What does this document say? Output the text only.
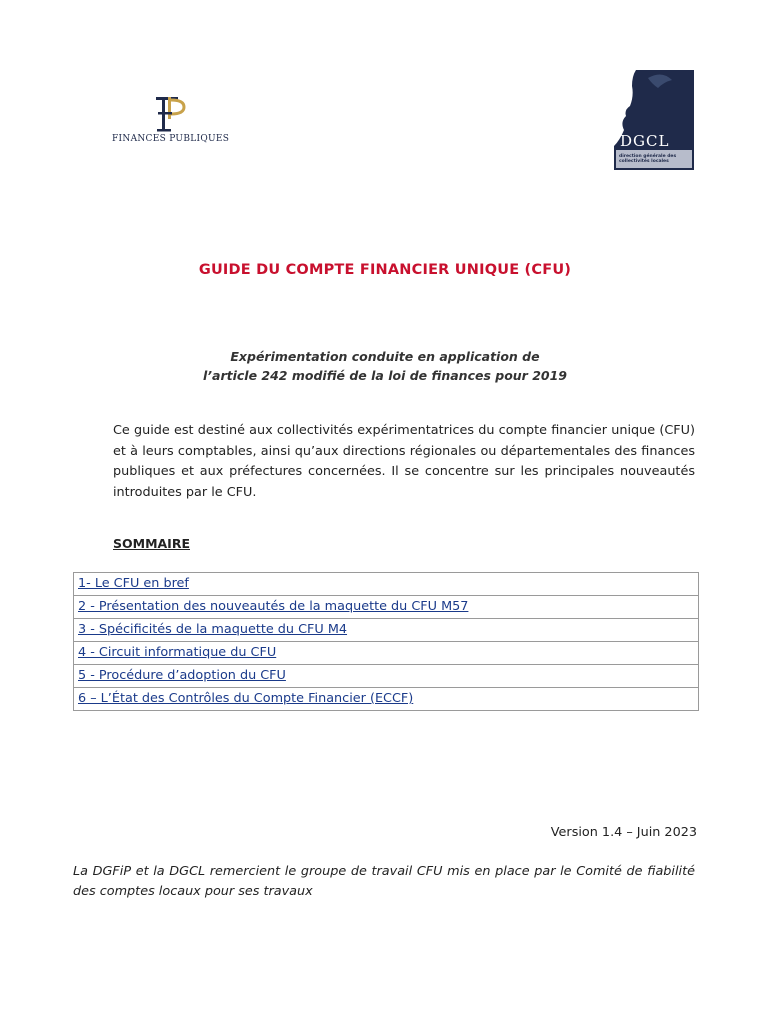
FINANCES PUBLIQUES	DGCL
direction générale des collectivités locales
GUIDE DU COMPTE FINANCIER UNIQUE (CFU)
Expérimentation conduite en application de
l’article 242 modifié de la loi de finances pour 2019
Ce guide est destiné aux collectivités expérimentatrices du compte financier unique (CFU) et à leurs comptables, ainsi qu’aux directions régionales ou départementales des finances publiques et aux préfectures concernées. Il se concentre sur les principales nouveautés introduites par le CFU.
SOMMAIRE
1- Le CFU en bref
2 - Présentation des nouveautés de la maquette du CFU M57
3 - Spécificités de la maquette du CFU M4
4 - Circuit informatique du CFU
5 - Procédure d’adoption du CFU
6 – L’État des Contrôles du Compte Financier (ECCF)
Version 1.4 – Juin 2023
La DGFiP et la DGCL remercient le groupe de travail CFU mis en place par le Comité de fiabilité des comptes locaux pour ses travaux
